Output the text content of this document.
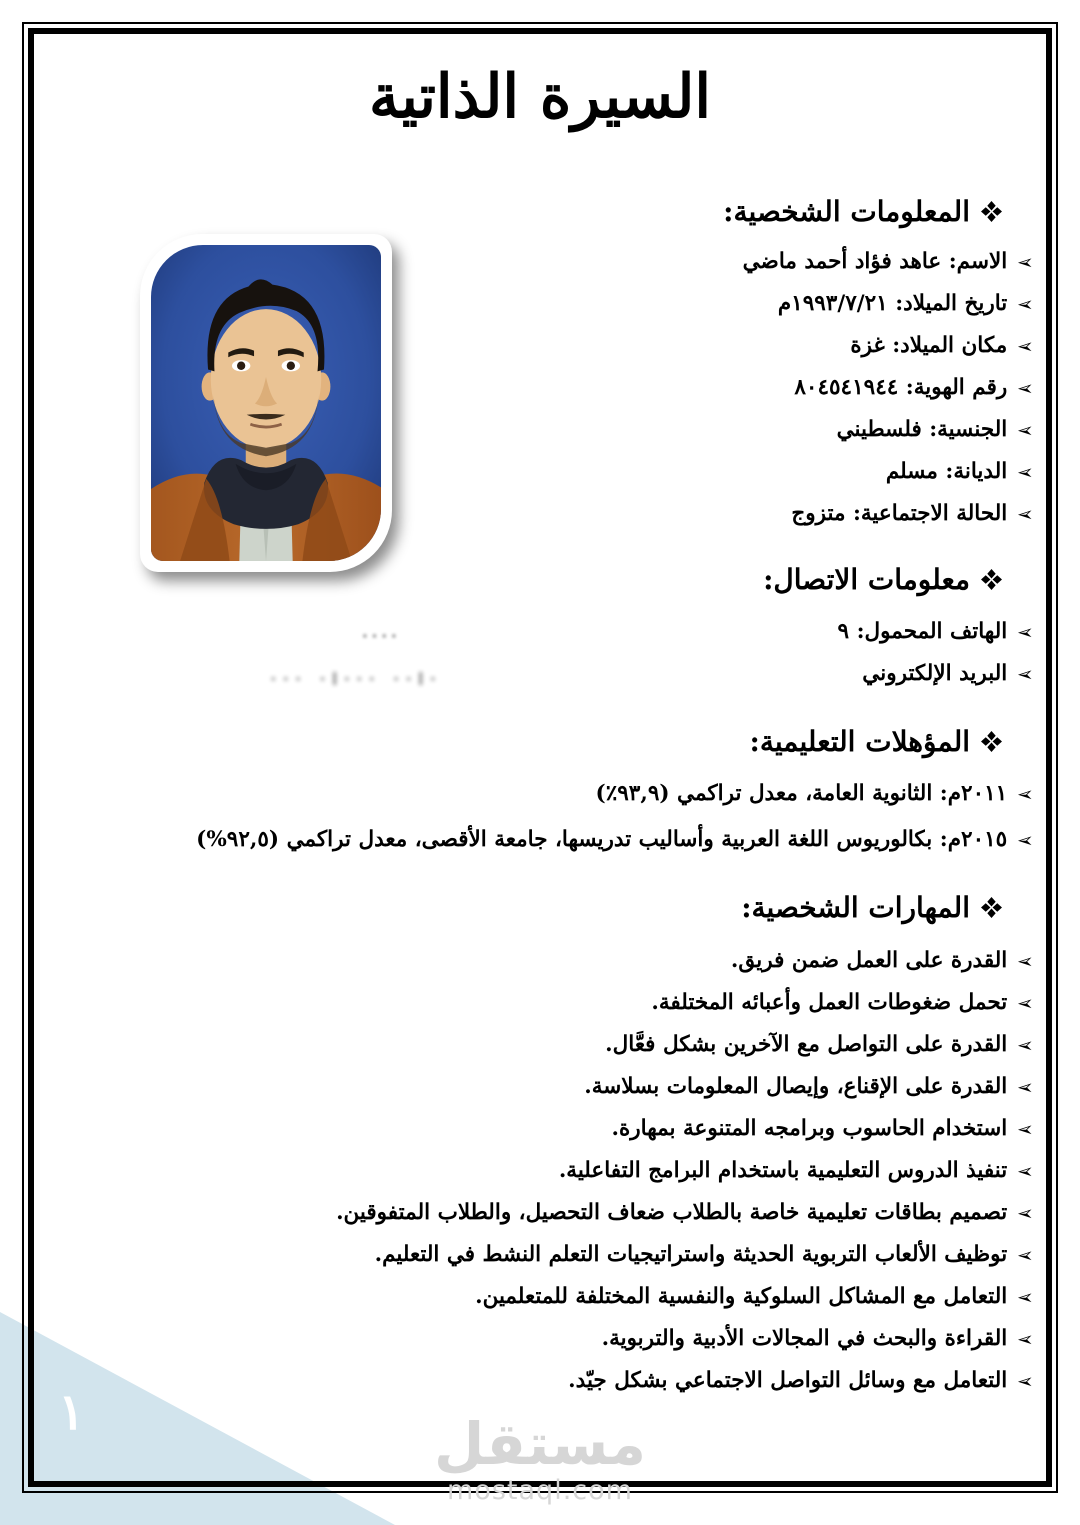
السيرة الذاتية
المعلومات الشخصية:
➢
الاسم: عاهد فؤاد أحمد ماضي
➢
تاريخ الميلاد: ١٩٩٣/٧/٢١م
➢
مكان الميلاد: غزة
➢
رقم الهوية: ٨٠٤٥٤١٩٤٤
➢
الجنسية: فلسطيني
➢
الديانة: مسلم
➢
الحالة الاجتماعية: متزوج
معلومات الاتصال:
➢
الهاتف المحمول: ٩
٠٠٠٠
➢
البريد الإلكتروني
·l··· ··l· ···
المؤهلات التعليمية:
➢
٢٠١١م: الثانوية العامة، معدل تراكمي (٩٣,٩٪)
➢
٢٠١٥م: بكالوريوس اللغة العربية وأساليب تدريسها، جامعة الأقصى، معدل تراكمي (٩٢,٥%)
المهارات الشخصية:
➢
القدرة على العمل ضمن فريق.
➢
تحمل ضغوطات العمل وأعبائه المختلفة.
➢
القدرة على التواصل مع الآخرين بشكل فعَّال.
➢
القدرة على الإقناع، وإيصال المعلومات بسلاسة.
➢
استخدام الحاسوب وبرامجه المتنوعة بمهارة.
➢
تنفيذ الدروس التعليمية باستخدام البرامج التفاعلية.
➢
تصميم بطاقات تعليمية خاصة بالطلاب ضعاف التحصيل، والطلاب المتفوقين.
➢
توظيف الألعاب التربوية الحديثة واستراتيجيات التعلم النشط في التعليم.
➢
التعامل مع المشاكل السلوكية والنفسية المختلفة للمتعلمين.
➢
القراءة والبحث في المجالات الأدبية والتربوية.
➢
التعامل مع وسائل التواصل الاجتماعي بشكل جيّد.
١	مستقل
mostaql.com
